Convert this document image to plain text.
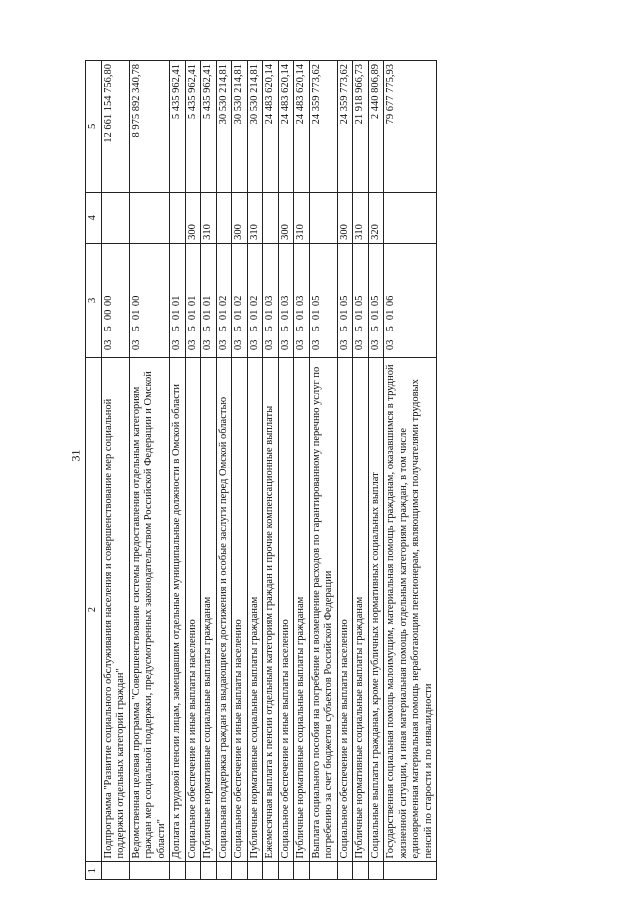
31
1	2	3	4	5
	Подпрограмма "Развитие социального обслуживания населения и совершенствование мер социальной поддержки отдельных категорий граждан"	0350000		12 661 154 756,80
	Ведомственная целевая программа "Совершенствование системы предоставления отдельным категориям граждан мер социальной поддержки, предусмотренных законодательством Российской Федерации и Омской области"	0350100		8 975 892 340,78
	Доплата к трудовой пенсии лицам, замещавшим отдельные муниципальные должности в Омской области	0350101		5 435 962,41
	Социальное обеспечение и иные выплаты населению	0350101	300	5 435 962,41
	Публичные нормативные социальные выплаты гражданам	0350101	310	5 435 962,41
	Социальная поддержка граждан за выдающиеся достижения и особые заслуги перед Омской областью	0350102		30 530 214,81
	Социальное обеспечение и иные выплаты населению	0350102	300	30 530 214,81
	Публичные нормативные социальные выплаты гражданам	0350102	310	30 530 214,81
	Ежемесячная выплата к пенсии отдельным категориям граждан и прочие компенсационные выплаты	0350103		24 483 620,14
	Социальное обеспечение и иные выплаты населению	0350103	300	24 483 620,14
	Публичные нормативные социальные выплаты гражданам	0350103	310	24 483 620,14
	Выплата социального пособия на погребение и возмещение расходов по гарантированному перечню услуг по погребению за счет бюджетов субъектов Российской Федерации	0350105		24 359 773,62
	Социальное обеспечение и иные выплаты населению	0350105	300	24 359 773,62
	Публичные нормативные социальные выплаты гражданам	0350105	310	21 918 966,73
	Социальные выплаты гражданам, кроме публичных нормативных социальных выплат	0350105	320	2 440 806,89
	Государственная социальная помощь малоимущим, материальная помощь гражданам, оказавшимся в трудной жизненной ситуации, и иная материальная помощь отдельным категориям граждан, в том числе единовременная материальная помощь неработающим пенсионерам, являющимся получателями трудовых пенсий по старости и по инвалидности	0350106		79 677 775,93
